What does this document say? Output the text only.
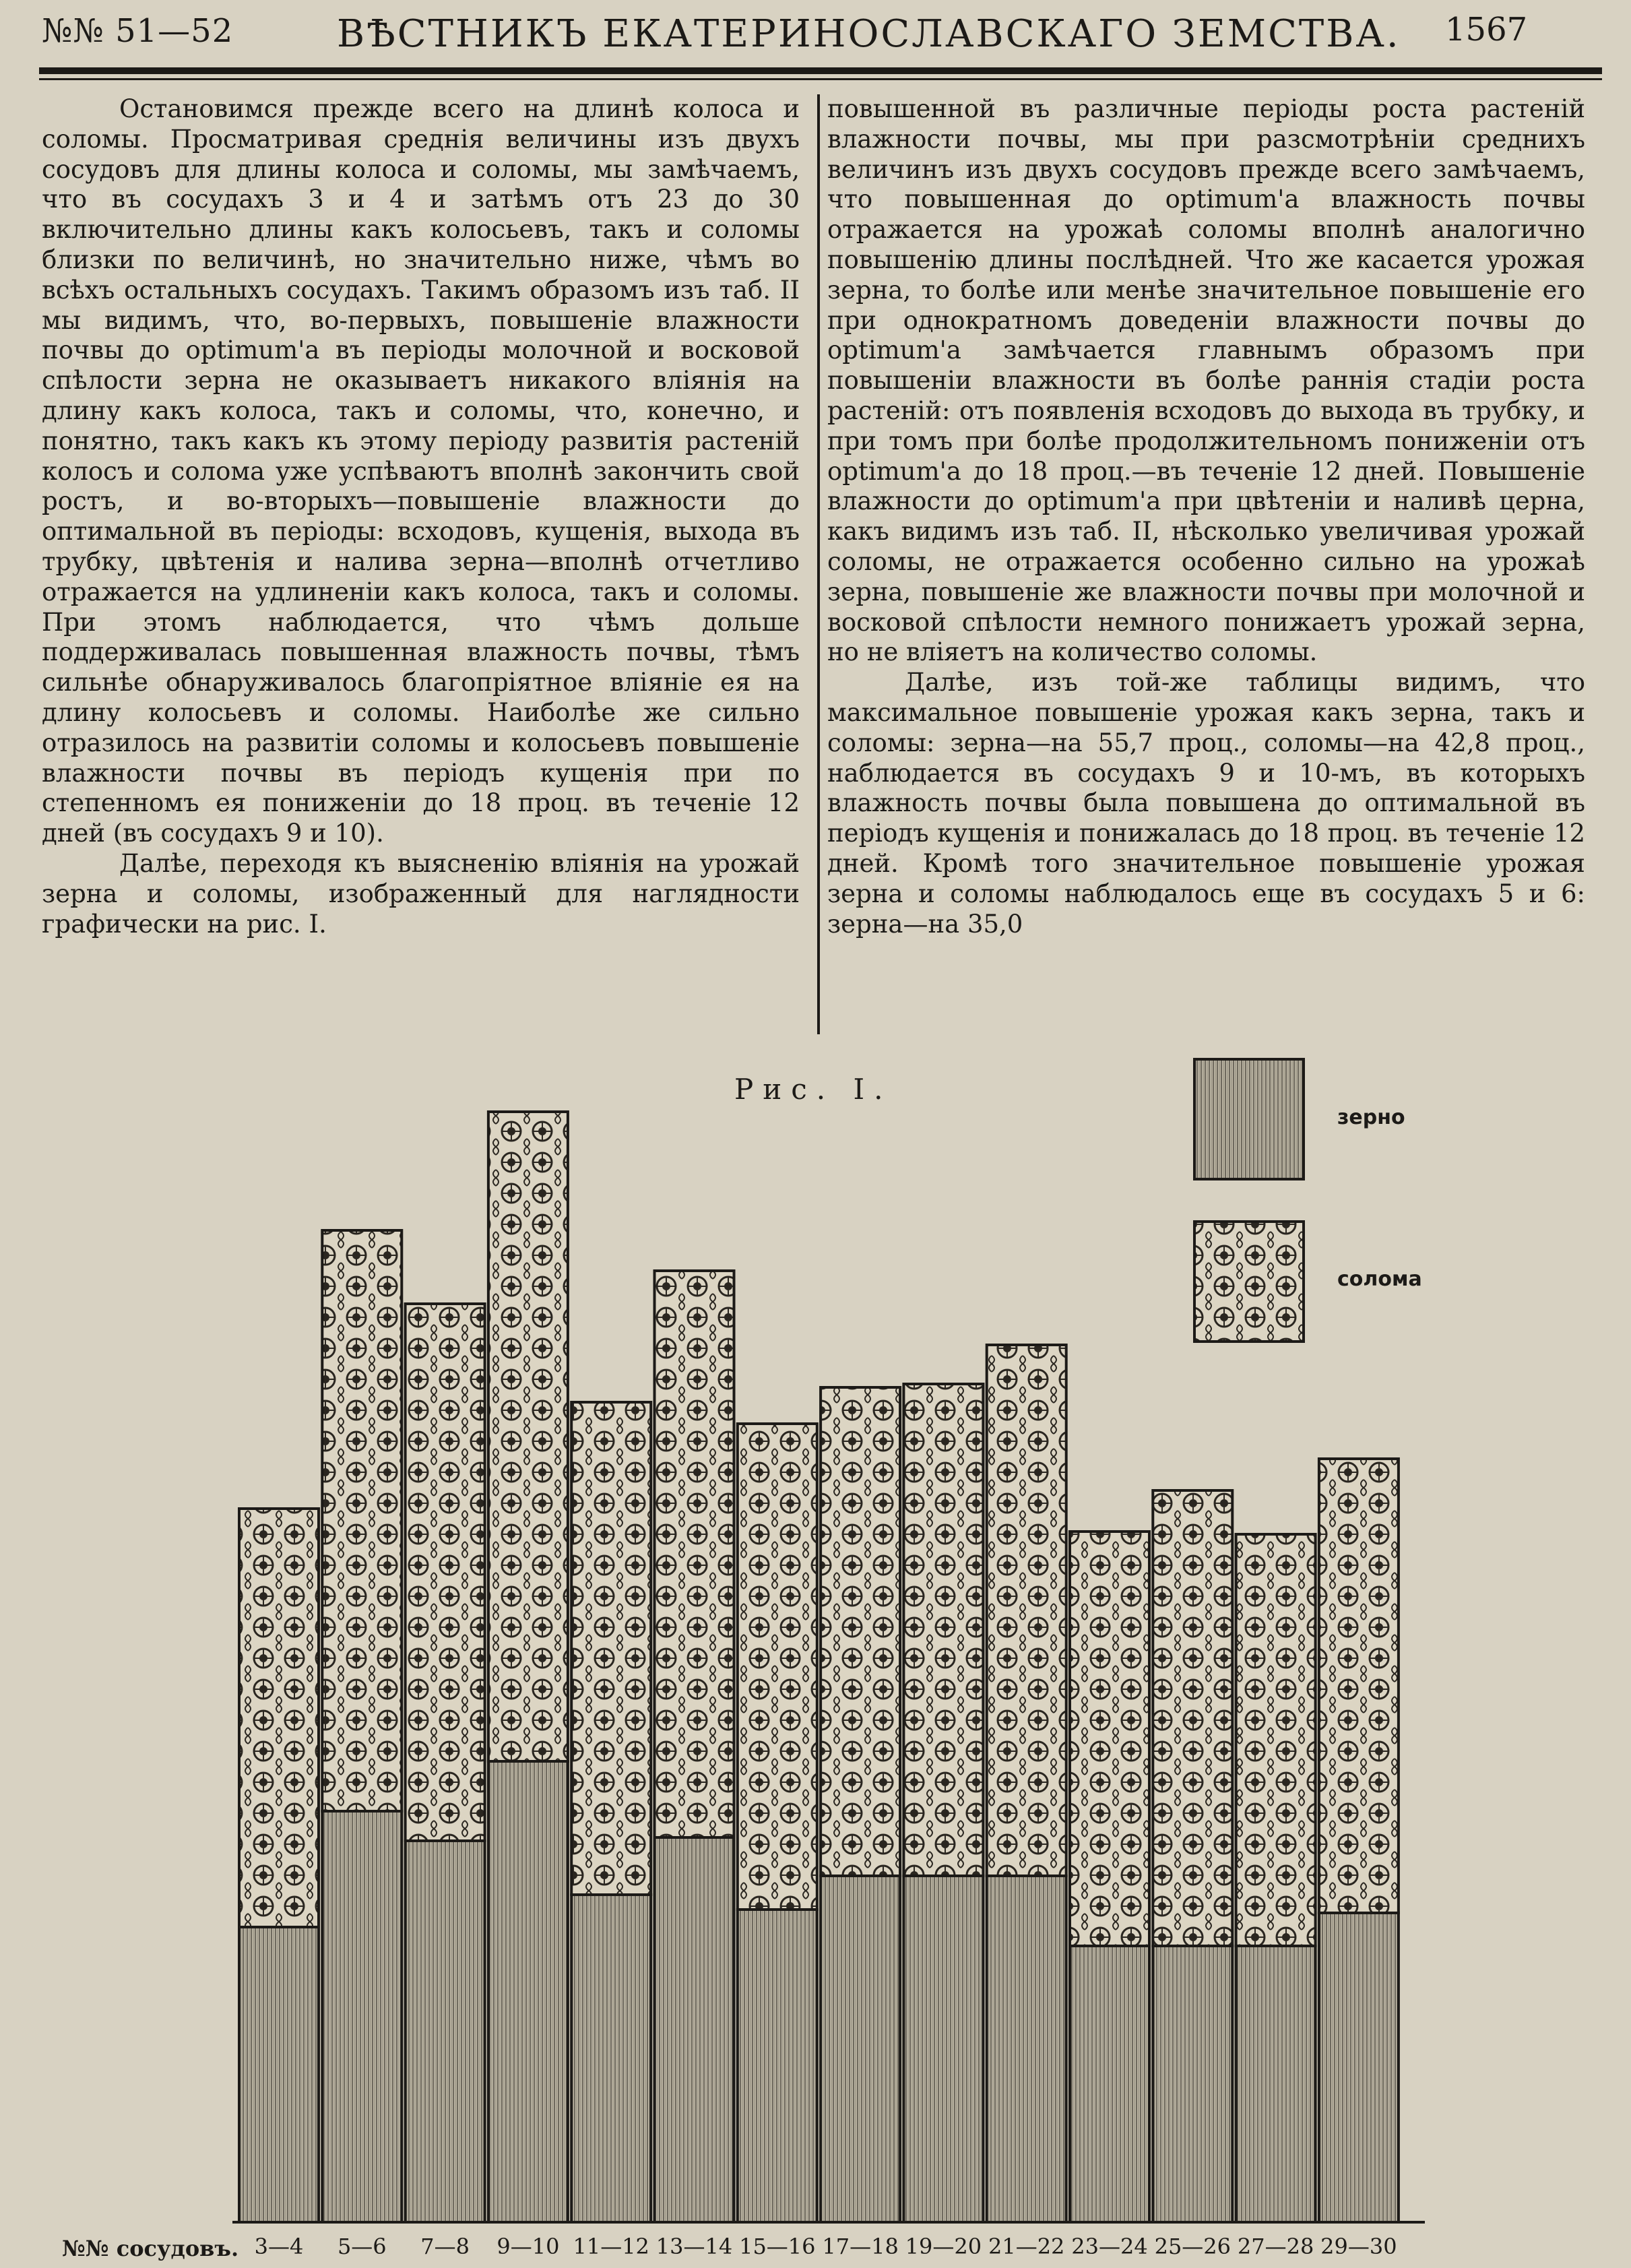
№№ 51—52	ВѢСТНИКЪ ЕКАТЕРИНОСЛАВСКАГО ЗЕМСТВА. 1567

Остановимся прежде всего на длинѣ колоса и соломы. Просматривая среднія величины изъ двухъ сосудовъ для длины колоса и соломы, мы замѣчаемъ, что въ сосудахъ 3 и 4 и затѣмъ отъ 23 до 30 включительно длины какъ колосьевъ, такъ и соломы близки по величинѣ, но значительно ниже, чѣмъ во всѣхъ остальныхъ сосудахъ. Такимъ образомъ изъ таб. II мы видимъ, что, во-первыхъ, повышеніе влажности почвы до optimum'a въ періоды молочной и восковой спѣлости зерна не оказываетъ никакого вліянія на длину какъ колоса, такъ и соломы, что, конечно, и понятно, такъ какъ къ этому періоду развитія растеній колосъ и солома уже успѣваютъ вполнѣ закончить свой ростъ, и во-вторыхъ—повышеніе влажности до оптимальной въ періоды: всходовъ, кущенія, выхода въ трубку, цвѣтенія и налива зерна—вполнѣ отчетливо отражается на удлиненіи какъ колоса, такъ и соломы. При этомъ наблюдается, что чѣмъ дольше поддерживалась повышенная влажность почвы, тѣмъ сильнѣе обнаруживалось благопріятное вліяніе ея на длину колосьевъ и соломы. Наиболѣе же сильно отразилось на развитіи соломы и колосьевъ повышеніе влажности почвы въ періодъ кущенія при по степенномъ ея пониженіи до 18 проц. въ теченіе 12 дней (въ сосудахъ 9 и 10).

Далѣе, переходя къ выясненію вліянія на урожай зерна и соломы, изображенный для наглядности графически на рис. I.

повышенной въ различные періоды роста растеній влажности почвы, мы при разсмотрѣніи среднихъ величинъ изъ двухъ сосудовъ прежде всего замѣчаемъ, что повышенная до optimum'a влажность почвы отражается на урожаѣ соломы вполнѣ аналогично повышенію длины послѣдней. Что же касается урожая зерна, то болѣе или менѣе значительное повышеніе его при однократномъ доведеніи влажности почвы до optimum'a замѣчается главнымъ образомъ при повышеніи влажности въ болѣе раннія стадіи роста растеній: отъ появленія всходовъ до выхода въ трубку, и при томъ при болѣе продолжительномъ пониженіи отъ optimum'a до 18 проц.—въ теченіе 12 дней. Повышеніе влажности до optimum'a при цвѣтеніи и наливѣ церна, какъ видимъ изъ таб. II, нѣсколько увеличивая урожай соломы, не отражается особенно сильно на урожаѣ зерна, повышеніе же влажности почвы при молочной и восковой спѣлости немного понижаетъ урожай зерна, но не вліяетъ на количество соломы.

Далѣе, изъ той-же таблицы видимъ, что максимальное повышеніе урожая какъ зерна, такъ и соломы: зерна—на 55,7 проц., соломы—на 42,8 проц., наблюдается въ сосудахъ 9 и 10-мъ, въ которыхъ влажность почвы была повышена до оптимальной въ періодъ кущенія и понижалась до 18 проц. въ теченіе 12 дней. Кромѣ того значительное повышеніе урожая зерна и соломы наблюдалось еще въ сосудахъ 5 и 6: зерна—на 35,0

Рис. I.
3—4 5—6 7—8 9—10 11—12 13—14 15—16 17—18 19—20 21—22 23—24 25—26 27—28 29—30
зерно
солома
№№ сосудовъ.
